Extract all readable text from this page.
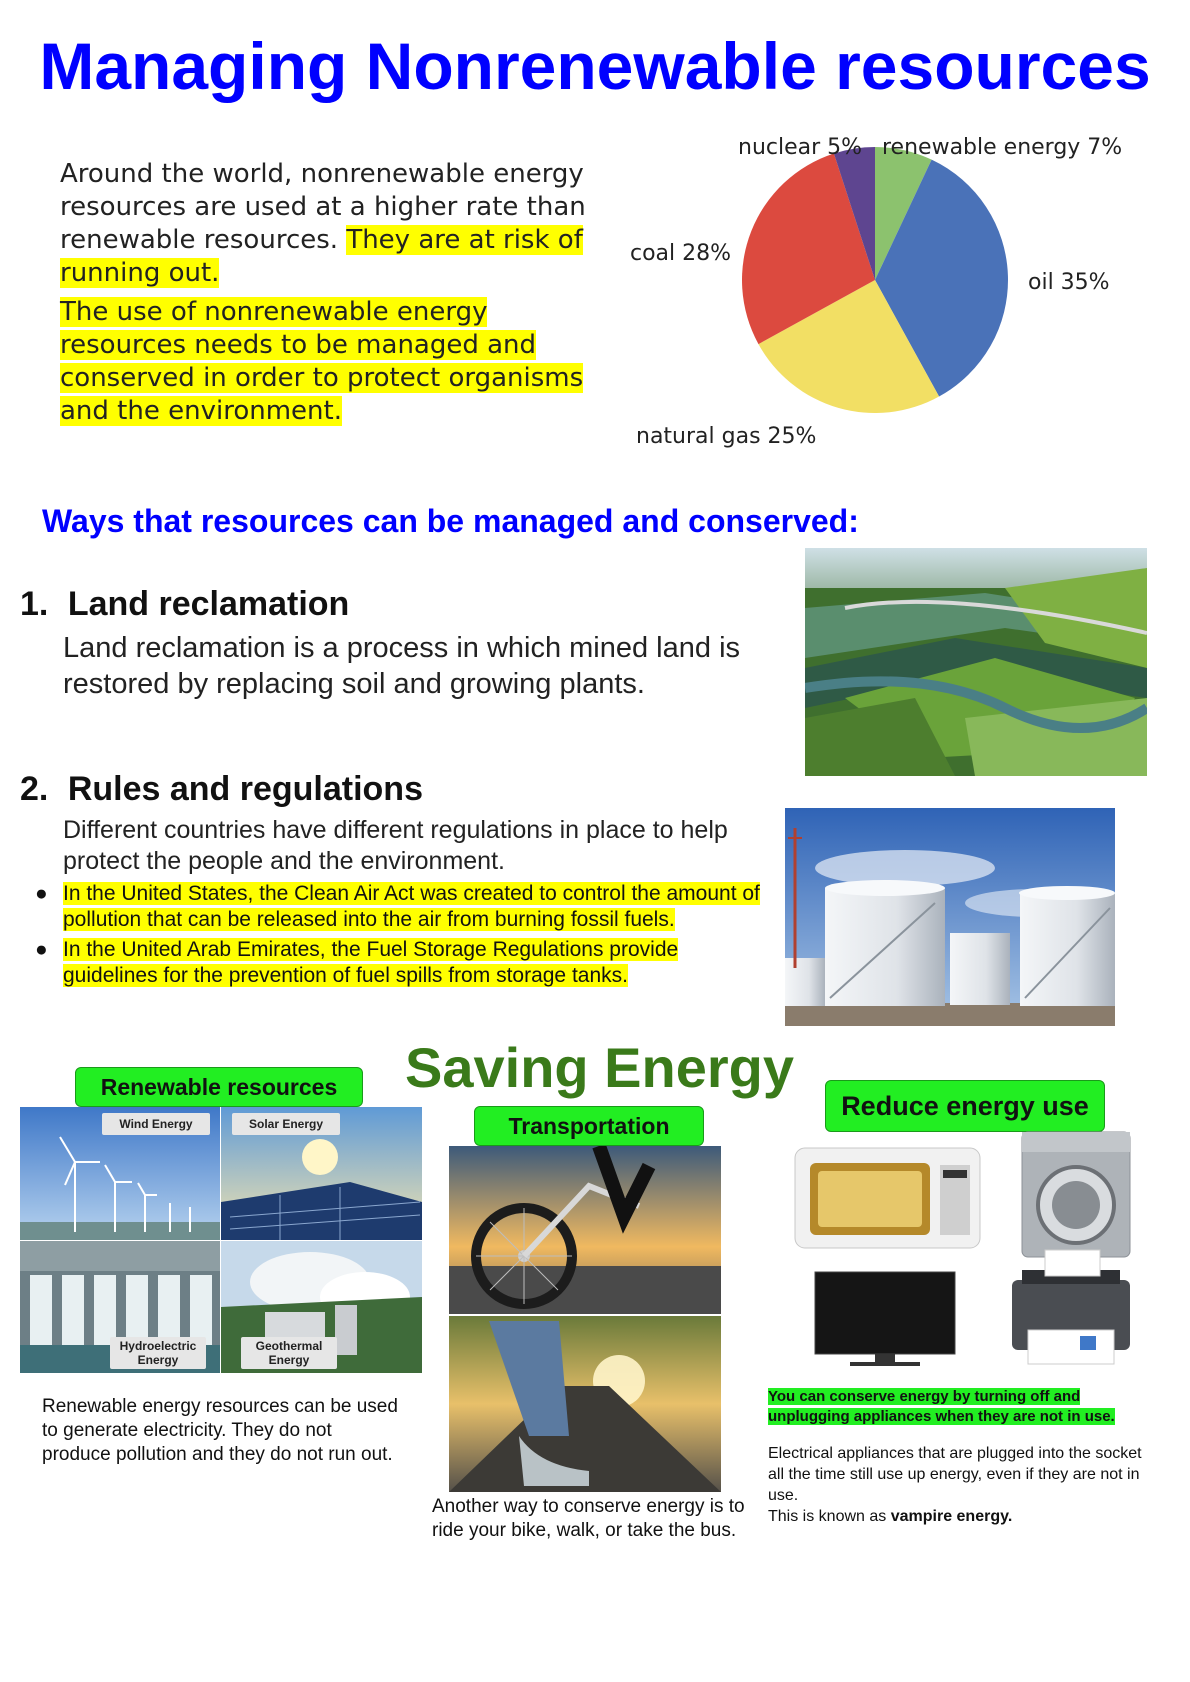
Managing Nonrenewable resources

Around the world, nonrenewable energy resources are used at a higher rate than renewable resources. They are at risk of running out.

The use of nonrenewable energy resources needs to be managed and conserved in order to protect organisms and the environment.

nuclear 5% renewable energy 7%
coal 28%
oil 35%
natural gas 25%
Ways that resources can be managed and conserved:
1. Land reclamation
Land reclamation is a process in which mined land is restored by replacing soil and growing plants.
2. Rules and regulations
Different countries have different regulations in place to help protect the people and the environment.
● In the United States, the Clean Air Act was created to control the amount of pollution that can be released into the air from burning fossil fuels.
● In the United Arab Emirates, the Fuel Storage Regulations provide guidelines for the prevention of fuel spills from storage tanks.
Saving Energy
Renewable resources
Wind Energy	Solar Energy
Hydroelectric Energy
Geothermal Energy
Renewable energy resources can be used to generate electricity. They do not produce pollution and they do not run out.
Transportation
Another way to conserve energy is to ride your bike, walk, or take the bus.
Reduce energy use
You can conserve energy by turning off and unplugging appliances when they are not in use.
Electrical appliances that are plugged into the socket all the time still use up energy, even if they are not in use.
This is known as vampire energy.
